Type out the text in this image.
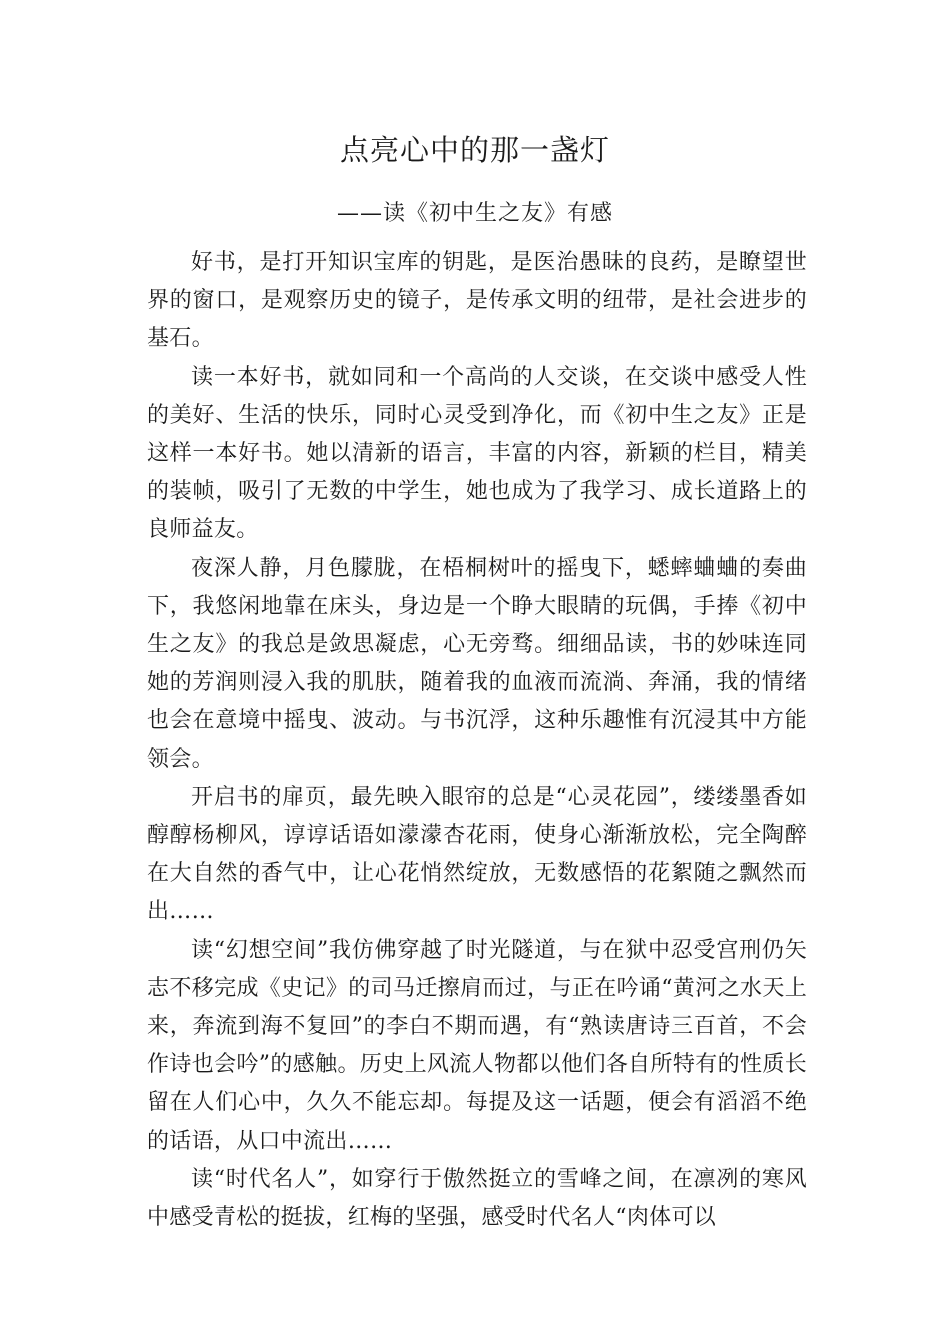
点亮心中的那一盏灯
——读《初中生之友》有感

好书，是打开知识宝库的钥匙，是医治愚昧的良药，是瞭望世界的窗口，是观察历史的镜子，是传承文明的纽带，是社会进步的基石。

读一本好书，就如同和一个高尚的人交谈，在交谈中感受人性的美好、生活的快乐，同时心灵受到净化，而《初中生之友》正是这样一本好书。她以清新的语言，丰富的内容，新颖的栏目，精美的装帧，吸引了无数的中学生，她也成为了我学习、成长道路上的良师益友。

夜深人静，月色朦胧，在梧桐树叶的摇曳下，蟋蟀蛐蛐的奏曲下，我悠闲地靠在床头，身边是一个睁大眼睛的玩偶，手捧《初中生之友》的我总是敛思凝虑，心无旁骛。细细品读，书的妙味连同她的芳润则浸入我的肌肤，随着我的血液而流淌、奔涌，我的情绪也会在意境中摇曳、波动。与书沉浮，这种乐趣惟有沉浸其中方能领会。

开启书的扉页，最先映入眼帘的总是“心灵花园”，缕缕墨香如醇醇杨柳风，谆谆话语如濛濛杏花雨，使身心渐渐放松，完全陶醉在大自然的香气中，让心花悄然绽放，无数感悟的花絮随之飘然而出……

读“幻想空间”我仿佛穿越了时光隧道，与在狱中忍受宫刑仍矢志不移完成《史记》的司马迁擦肩而过，与正在吟诵“黄河之水天上来，奔流到海不复回”的李白不期而遇，有“熟读唐诗三百首，不会作诗也会吟”的感触。历史上风流人物都以他们各自所特有的性质长留在人们心中，久久不能忘却。每提及这一话题，便会有滔滔不绝的话语，从口中流出……

读“时代名人”，如穿行于傲然挺立的雪峰之间，在凛冽的寒风中感受青松的挺拔，红梅的坚强，感受时代名人“肉体可以
